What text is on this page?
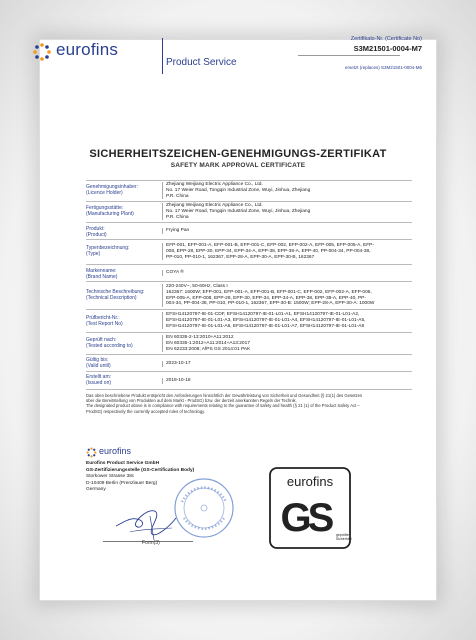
eurofins
Product Service
Zertifikats-Nr. (Certificate No)
S3M21501-0004-M7
ersetzt (replaces) S3M21501-0004-M6
SICHERHEITSZEICHEN-GENEHMIGUNGS-ZERTIFIKAT
SAFETY MARK APPROVAL CERTIFICATE
Genehmigungsinhaber:
(Licence Holder)
Zhejiang Weijiang Electric Appliance Co., Ltd.
No. 17 Weier Road, Tongqin Industrial Zone, Wuyi, Jinhua, Zhejiang
P.R. China
Fertigungsstätte:
(Manufacturing Plant)
Zhejiang Weijiang Electric Appliance Co., Ltd.
No. 17 Weier Road, Tongqin Industrial Zone, Wuyi, Jinhua, Zhejiang
P.R. China
Produkt:
(Product)
Frying Pan
Typenbezeichnung:
(Type)
EFP-001, EFP-001-A, EFP-001-B, EFP-001-C, EFP-002, EFP-002-A, EFP-005, EFP-005-A, EFP-
008, EPP-28, EPP-30, EPP-34, EPP-34-A, EPP-38, EPP-38-A, EPP-40, PP-004-34, PP-004-38,
PP-010, PP-010-1, 162367, EPP-28-A, EPP-30-A, EPP-30-B, 162367
Markenname:
(Brand Name)
COYA ®
Technische Beschreibung:
(Technical Description)
220-240V~, 50-60Hz, Class I
162367: 1600W; EFP-001, EFP-001-A, EFP-001-B, EFP-001-C, EFP-002, EFP-002-A, EFP-005,
EFP-005-A, EFP-008, EPP-28, EPP-30, EPP-34, EPP-34-A, EPP-38, EPP-38-A, EPP-40, PP-
004-34, PP-004-38, PP-010, PP-010-1, 162367, EPP-30-B: 1500W; EPP-28-A, EPP-30-A: 1000W
Prüfbericht-Nr.:
(Test Report No)
EFSH14120797-IE-01-CDF, EFSH14120797-IE-01-L01-A1, EFSH14120797-IE-01-L01-A2,
EFSH14120797-IE-01-L01-A3, EFSH14120797-IE-01-L01-A4, EFSH14120797-IE-01-L01-A5,
EFSH14120797-IE-01-L01-A6, EFSH14120797-IE-01-L01-A7, EFSH14120797-IE-01-L01-A8
Geprüft nach:
(Tested according to)
EN 60335-2-13:2010+A11:2012
EN 60335-1:2012+A11:2014+A13:2017
EN 62233:2008; AfPS GS 2014:01 PAK
Gültig bis:
(Valid until)	2023-10-17
Erstellt am:
(Issued on)	2018-10-18
Das oben beschriebene Produkt entspricht den Anforderungen hinsichtlich der Gewährleistung von Sicherheit und Gesundheit (§ 21(1) des Gesetzes
über die Bereitstellung von Produkten auf dem Markt - ProdSG) bzw. der derzeit anerkannten Regeln der Technik.
The designated product above is in compliance with requirements relating to the guarantee of safety and health (§ 21 (1) of the Product Safety Act –
ProdSG) respectively the currently accepted rules of technology.
eurofins
Eurofins Product Service GmbH
GS-Zertifizierungsstelle (GS-Certification Body)
Storkower Strasse 38c
D-10409 Berlin (Prenzlauer Berg)
Germany
Form(3)
eurofins
G
S geprüfte
Sicherheit
